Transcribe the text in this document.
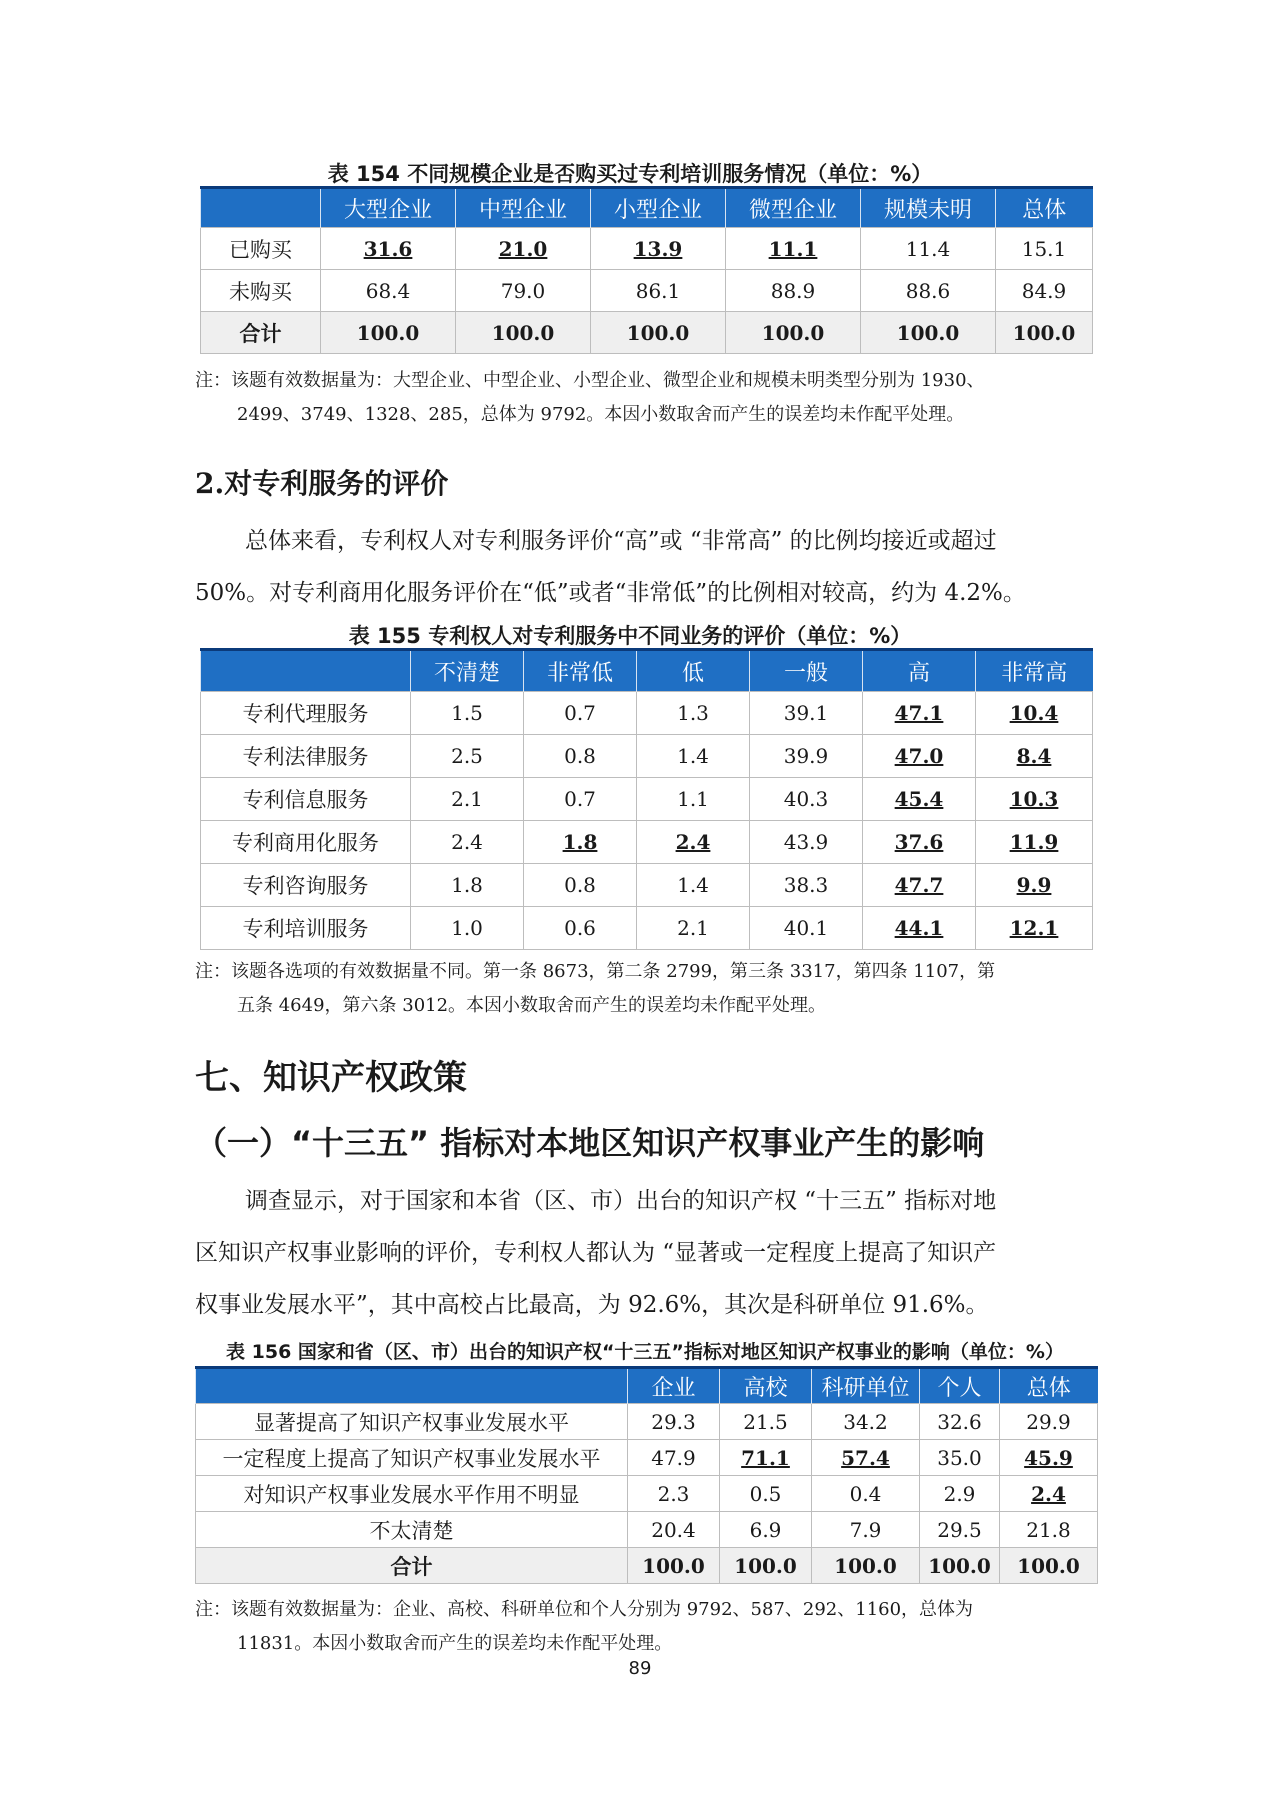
表 154 不同规模企业是否购买过专利培训服务情况（单位：%）
	大型企业	中型企业	小型企业	微型企业	规模未明	总体
已购买	31.6	21.0	13.9	11.1	11.4	15.1
未购买	68.4	79.0	86.1	88.9	88.6	84.9
合计	100.0	100.0	100.0	100.0	100.0	100.0
注：该题有效数据量为：大型企业、中型企业、小型企业、微型企业和规模未明类型分别为 1930、
2499、3749、1328、285，总体为 9792。本因小数取舍而产生的误差均未作配平处理。
2.对专利服务的评价
总体来看，专利权人对专利服务评价“高”或 “非常高” 的比例均接近或超过
50%。对专利商用化服务评价在“低”或者“非常低”的比例相对较高，约为 4.2%。
表 155 专利权人对专利服务中不同业务的评价（单位：%）
	不清楚	非常低	低	一般	高	非常高
专利代理服务	1.5	0.7	1.3	39.1	47.1	10.4
专利法律服务	2.5	0.8	1.4	39.9	47.0	8.4
专利信息服务	2.1	0.7	1.1	40.3	45.4	10.3
专利商用化服务	2.4	1.8	2.4	43.9	37.6	11.9
专利咨询服务	1.8	0.8	1.4	38.3	47.7	9.9
专利培训服务	1.0	0.6	2.1	40.1	44.1	12.1
注：该题各选项的有效数据量不同。第一条 8673，第二条 2799，第三条 3317，第四条 1107，第
五条 4649，第六条 3012。本因小数取舍而产生的误差均未作配平处理。
七、知识产权政策
（一）“十三五” 指标对本地区知识产权事业产生的影响
调查显示，对于国家和本省（区、市）出台的知识产权 “十三五” 指标对地
区知识产权事业影响的评价，专利权人都认为 “显著或一定程度上提高了知识产
权事业发展水平”，其中高校占比最高，为 92.6%，其次是科研单位 91.6%。
表 156 国家和省（区、市）出台的知识产权“十三五”指标对地区知识产权事业的影响（单位：%）
	企业	高校	科研单位	个人	总体
显著提高了知识产权事业发展水平	29.3	21.5	34.2	32.6	29.9
一定程度上提高了知识产权事业发展水平	47.9	71.1	57.4	35.0	45.9
对知识产权事业发展水平作用不明显	2.3	0.5	0.4	2.9	2.4
不太清楚	20.4	6.9	7.9	29.5	21.8
合计	100.0	100.0	100.0	100.0	100.0
注：该题有效数据量为：企业、高校、科研单位和个人分别为 9792、587、292、1160，总体为
11831。本因小数取舍而产生的误差均未作配平处理。
89
